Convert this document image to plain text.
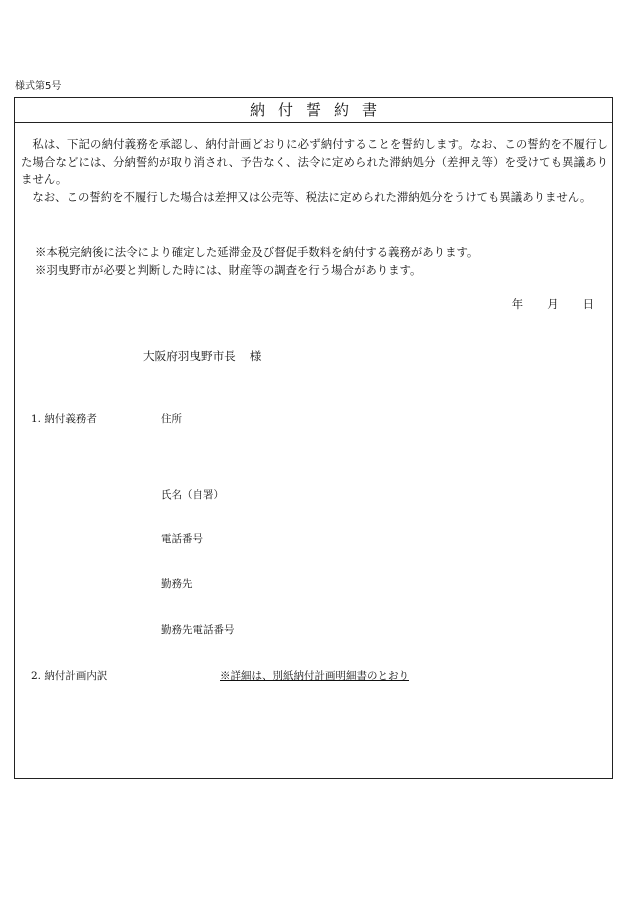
様式第5号
納付誓約書

私は、下記の納付義務を承認し、納付計画どおりに必ず納付することを誓約します。なお、この誓約を不履行した場合などには、分納誓約が取り消され、予告なく、法令に定められた滞納処分（差押え等）を受けても異議ありません。

なお、この誓約を不履行した場合は差押又は公売等、税法に定められた滞納処分をうけても異議ありません。

※本税完納後に法令により確定した延滞金及び督促手数料を納付する義務があります。

※羽曳野市が必要と判断した時には、財産等の調査を行う場合があります。

年 月 日
大阪府羽曳野市長 様
1. 納付義務者	住所
氏名（自署）
電話番号
勤務先
勤務先電話番号
2. 納付計画内訳	※詳細は、別紙納付計画明細書のとおり
